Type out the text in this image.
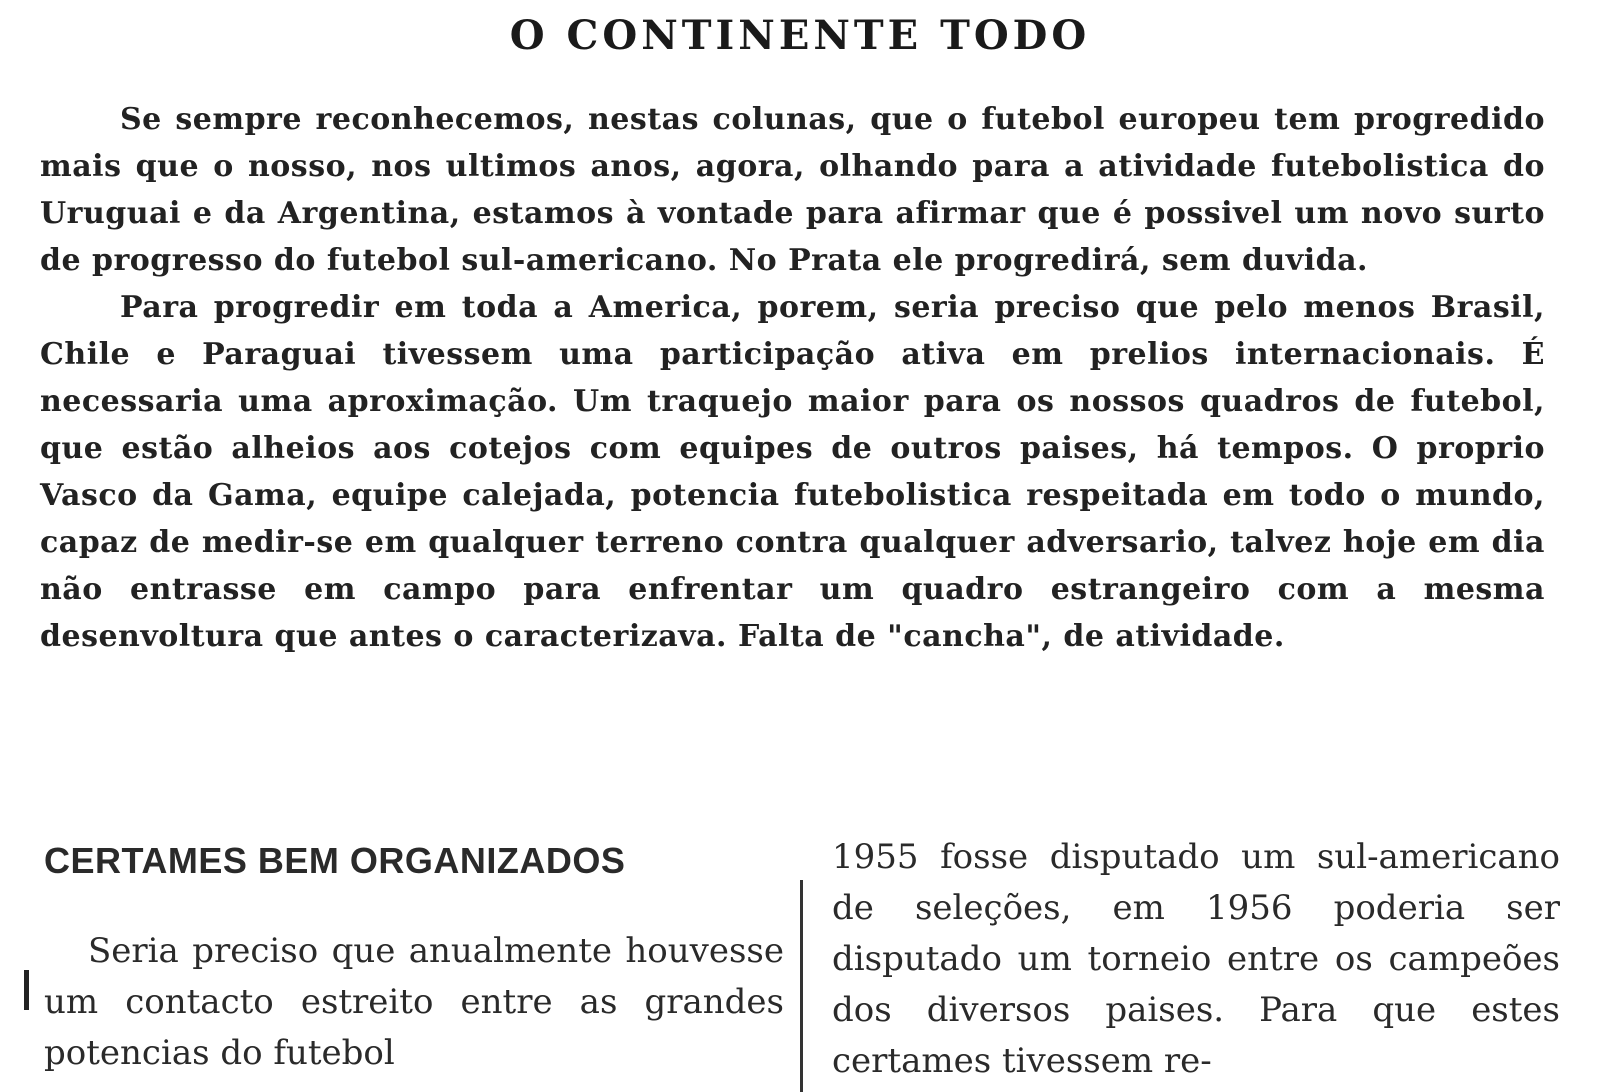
O CONTINENTE TODO

Se sempre reconhecemos, nestas colunas, que o futebol europeu tem progredido mais que o nosso, nos ultimos anos, agora, olhando para a atividade futebolistica do Uruguai e da Argentina, estamos à vontade para afirmar que é possivel um novo surto de progresso do futebol sul-americano. No Prata ele progredirá, sem duvida.

Para progredir em toda a America, porem, seria preciso que pelo menos Brasil, Chile e Paraguai tivessem uma participação ativa em prelios internacionais. É necessaria uma aproximação. Um traquejo maior para os nossos quadros de futebol, que estão alheios aos cotejos com equipes de outros paises, há tempos. O proprio Vasco da Gama, equipe calejada, potencia futebolistica respeitada em todo o mundo, capaz de medir-se em qualquer terreno contra qualquer adversario, talvez hoje em dia não entrasse em campo para enfrentar um quadro estrangeiro com a mesma desenvoltura que antes o caracterizava. Falta de "cancha", de atividade.

CERTAMES BEM ORGANIZADOS

Seria preciso que anualmente houvesse um contacto estreito entre as grandes potencias do futebol

1955 fosse disputado um sul-americano de seleções, em 1956 poderia ser disputado um torneio entre os campeões dos diversos paises. Para que estes certames tivessem re-
